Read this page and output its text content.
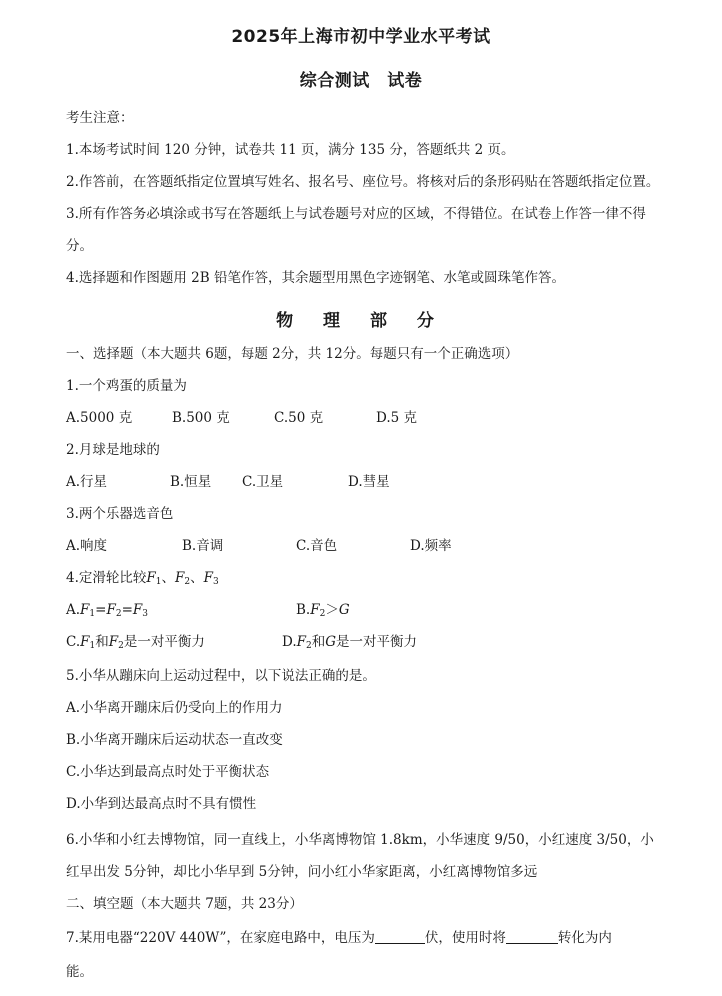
2025年上海市初中学业水平考试
综合测试　试卷
考生注意：
1.本场考试时间 120 分钟，试卷共 11 页，满分 135 分，答题纸共 2 页。
2.作答前，在答题纸指定位置填写姓名、报名号、座位号。将核对后的条形码贴在答题纸指定位置。
3.所有作答务必填涂或书写在答题纸上与试卷题号对应的区域，不得错位。在试卷上作答一律不得
分。
4.选择题和作图题用 2B 铅笔作答，其余题型用黑色字迹钢笔、水笔或圆珠笔作答。
物 理 部 分
一、选择题（本大题共 6题，每题 2分，共 12分。每题只有一个正确选项）
1.一个鸡蛋的质量为
A.5000 克	B.500 克	C.50 克	D.5 克
2.月球是地球的
A.行星	B.恒星 C.卫星	D.彗星
3.两个乐器选音色
A.响度	B.音调	C.音色	D.频率
4.定滑轮比较$F_1$、$F_2$、$F_3$
$A.F_1=F_2=F_3$	$B.F_2>G$
$C.F_1$和$F_2$是一对平衡力	$D.F_2$和G是一对平衡力
5.小华从蹦床向上运动过程中，以下说法正确的是。
A.小华离开蹦床后仍受向上的作用力
B.小华离开蹦床后运动状态一直改变
C.小华达到最高点时处于平衡状态
D.小华到达最高点时不具有惯性
6.小华和小红去博物馆，同一直线上，小华离博物馆 1.8km，小华速度 9/50，小红速度 3/50，小
红早出发 5分钟，却比小华早到 5分钟，问小红小华家距离，小红离博物馆多远
二、填空题（本大题共 7题，共 23分）
7.某用电器“220V 440W”，在家庭电路中，电压为	伏，使用时将	转化为内
能。
